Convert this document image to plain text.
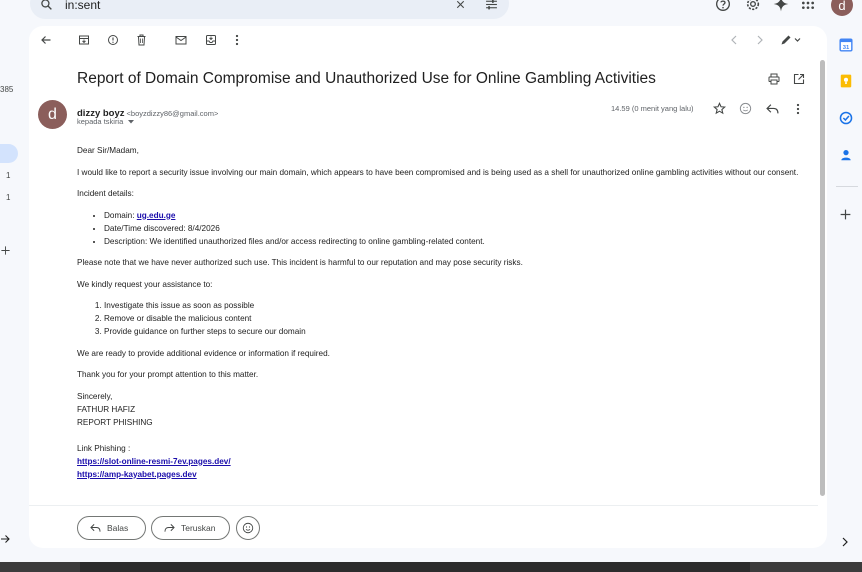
in:sent	d
385
1
1
Report of Domain Compromise and Unauthorized Use for Online Gambling Activities
d dizzy boyz <boyzdizzy86@gmail.com>
kepada tskiria
14.59 (0 menit yang lalu)

Dear Sir/Madam,

I would like to report a security issue involving our main domain, which appears to have been compromised and is being used as a shell for unauthorized online gambling activities without our consent.

Incident details:

• Domain: ug.edu.ge
• Date/Time discovered: 8/4/2026
• Description: We identified unauthorized files and/or access redirecting to online gambling-related content.

Please note that we have never authorized such use. This incident is harmful to our reputation and may pose security risks.

We kindly request your assistance to:

1. Investigate this issue as soon as possible
2. Remove or disable the malicious content
3. Provide guidance on further steps to secure our domain

We are ready to provide additional evidence or information if required.

Thank you for your prompt attention to this matter.

Sincerely,
FATHUR HAFIZ
REPORT PHISHING
Link Phishing :
https://slot-online-resmi-7ev.pages.dev/
https://amp-kayabet.pages.dev
Balas	Teruskan
31
